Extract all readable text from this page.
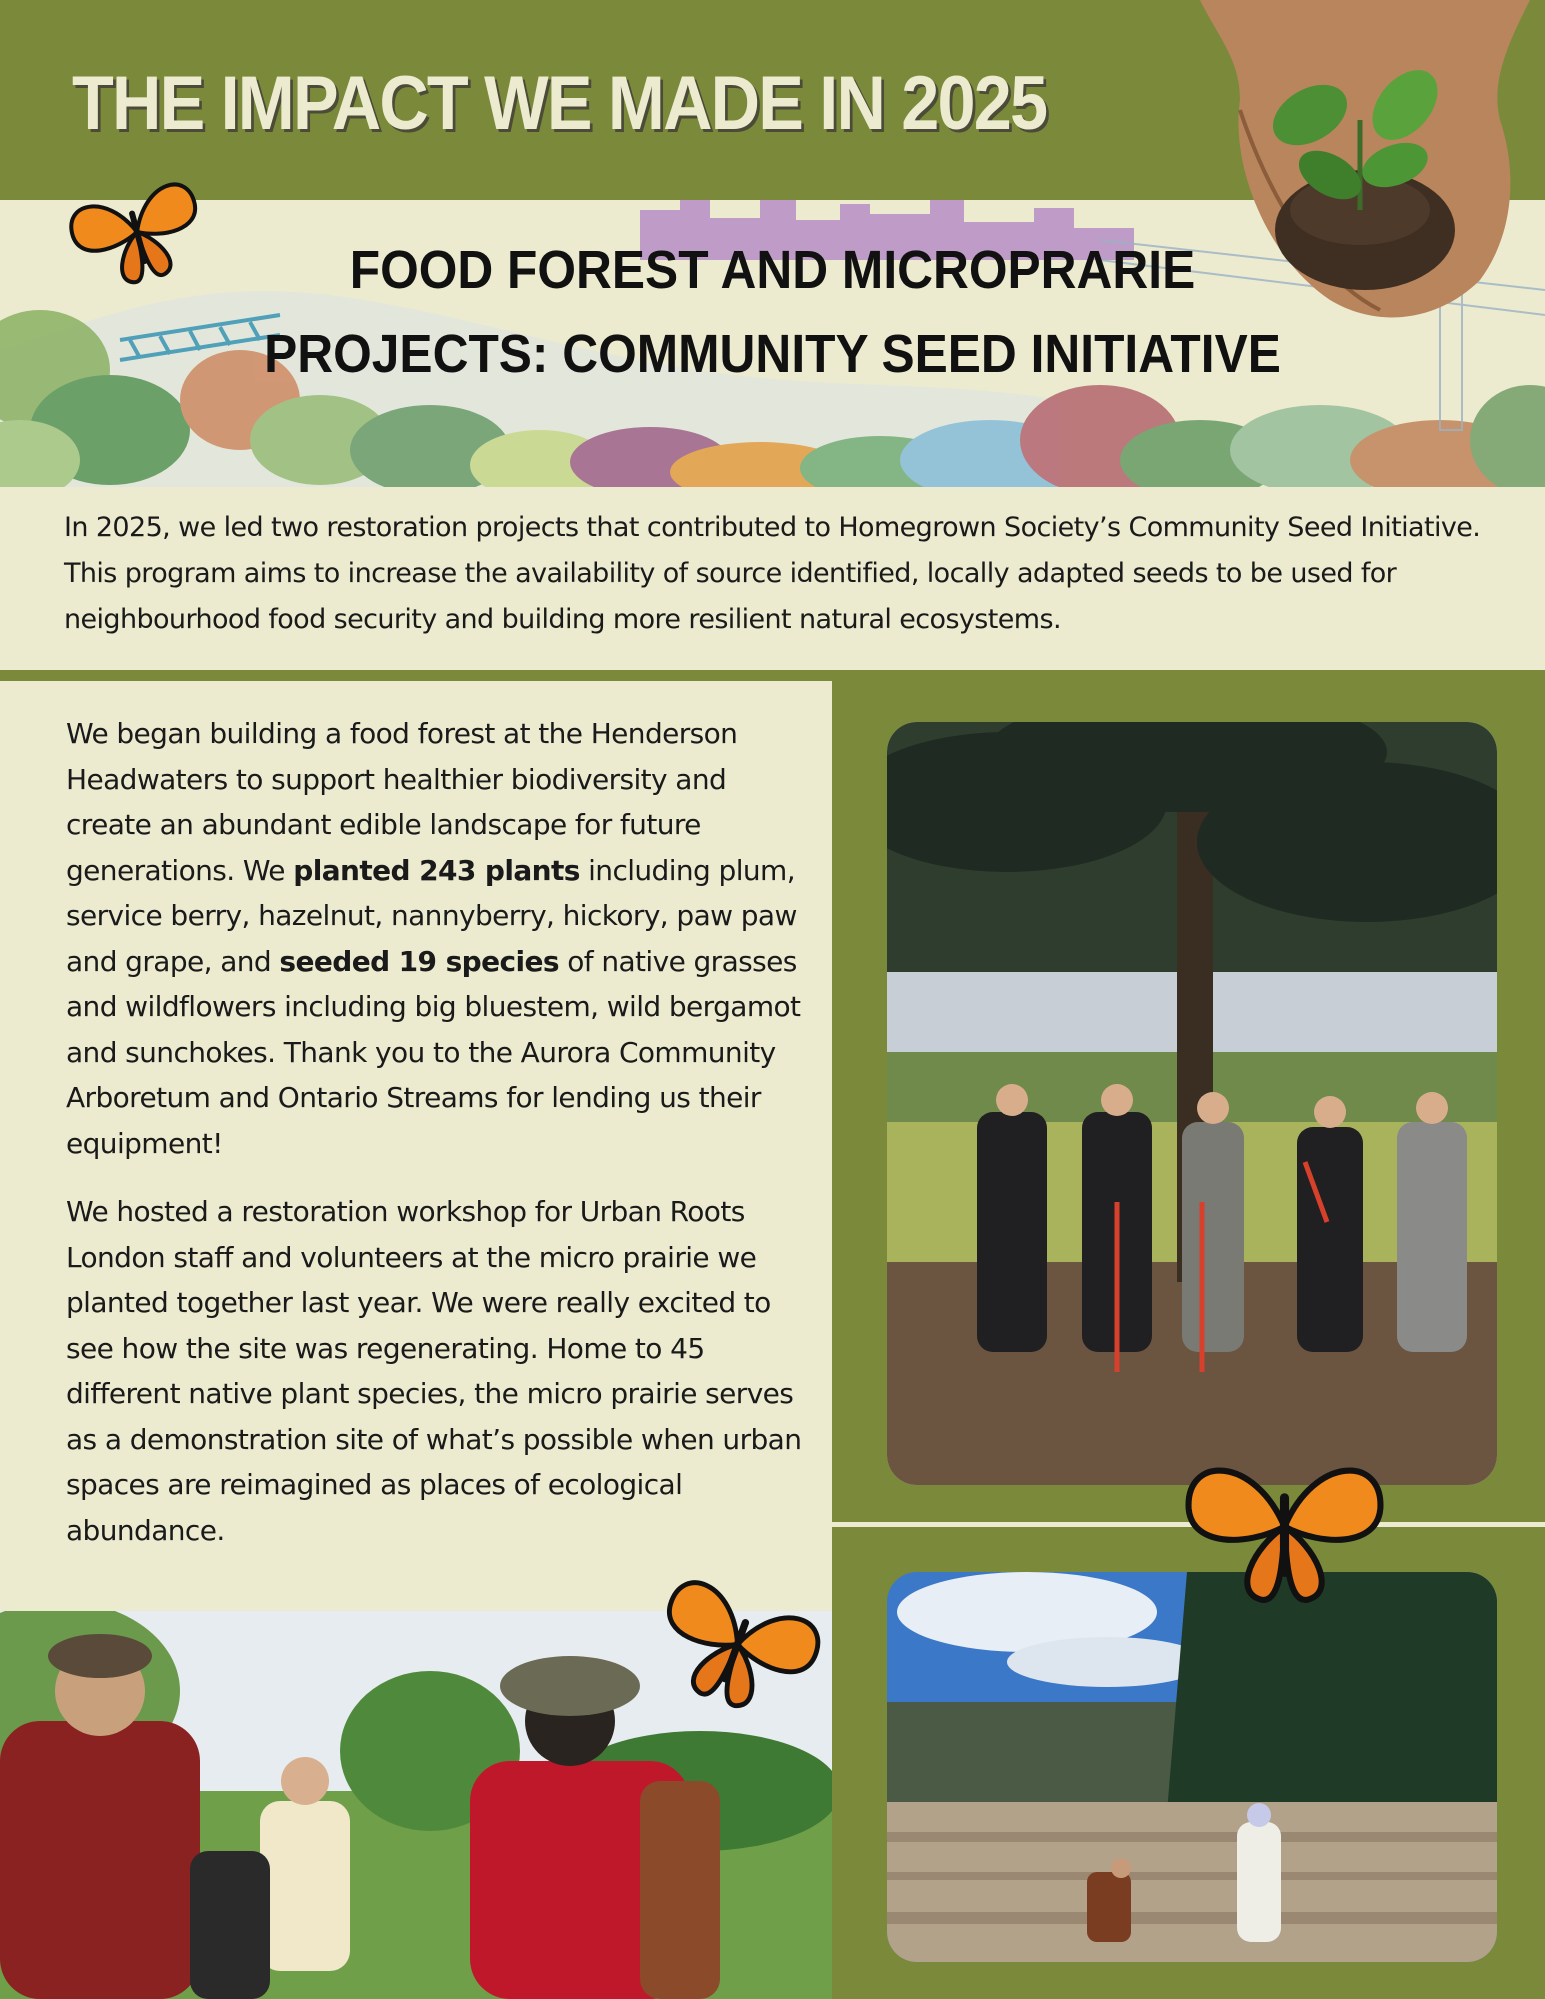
THE IMPACT WE MADE IN 2025
FOOD FOREST AND MICROPRARIE
PROJECTS: COMMUNITY SEED INITIATIVE

In 2025, we led two restoration projects that contributed to Homegrown Society’s Community Seed Initiative. This program aims to increase the availability of source identified, locally adapted seeds to be used for neighbourhood food security and building more resilient natural ecosystems.

We began building a food forest at the Henderson Headwaters to support healthier biodiversity and create an abundant edible landscape for future generations. We planted 243 plants including plum, service berry, hazelnut, nannyberry, hickory, paw paw and grape, and seeded 19 species of native grasses and wildflowers including big bluestem, wild bergamot and sunchokes. Thank you to the Aurora Community Arboretum and Ontario Streams for lending us their equipment!

We hosted a restoration workshop for Urban Roots London staff and volunteers at the micro prairie we planted together last year. We were really excited to see how the site was regenerating. Home to 45 different native plant species, the micro prairie serves as a demonstration site of what’s possible when urban spaces are reimagined as places of ecological abundance.
